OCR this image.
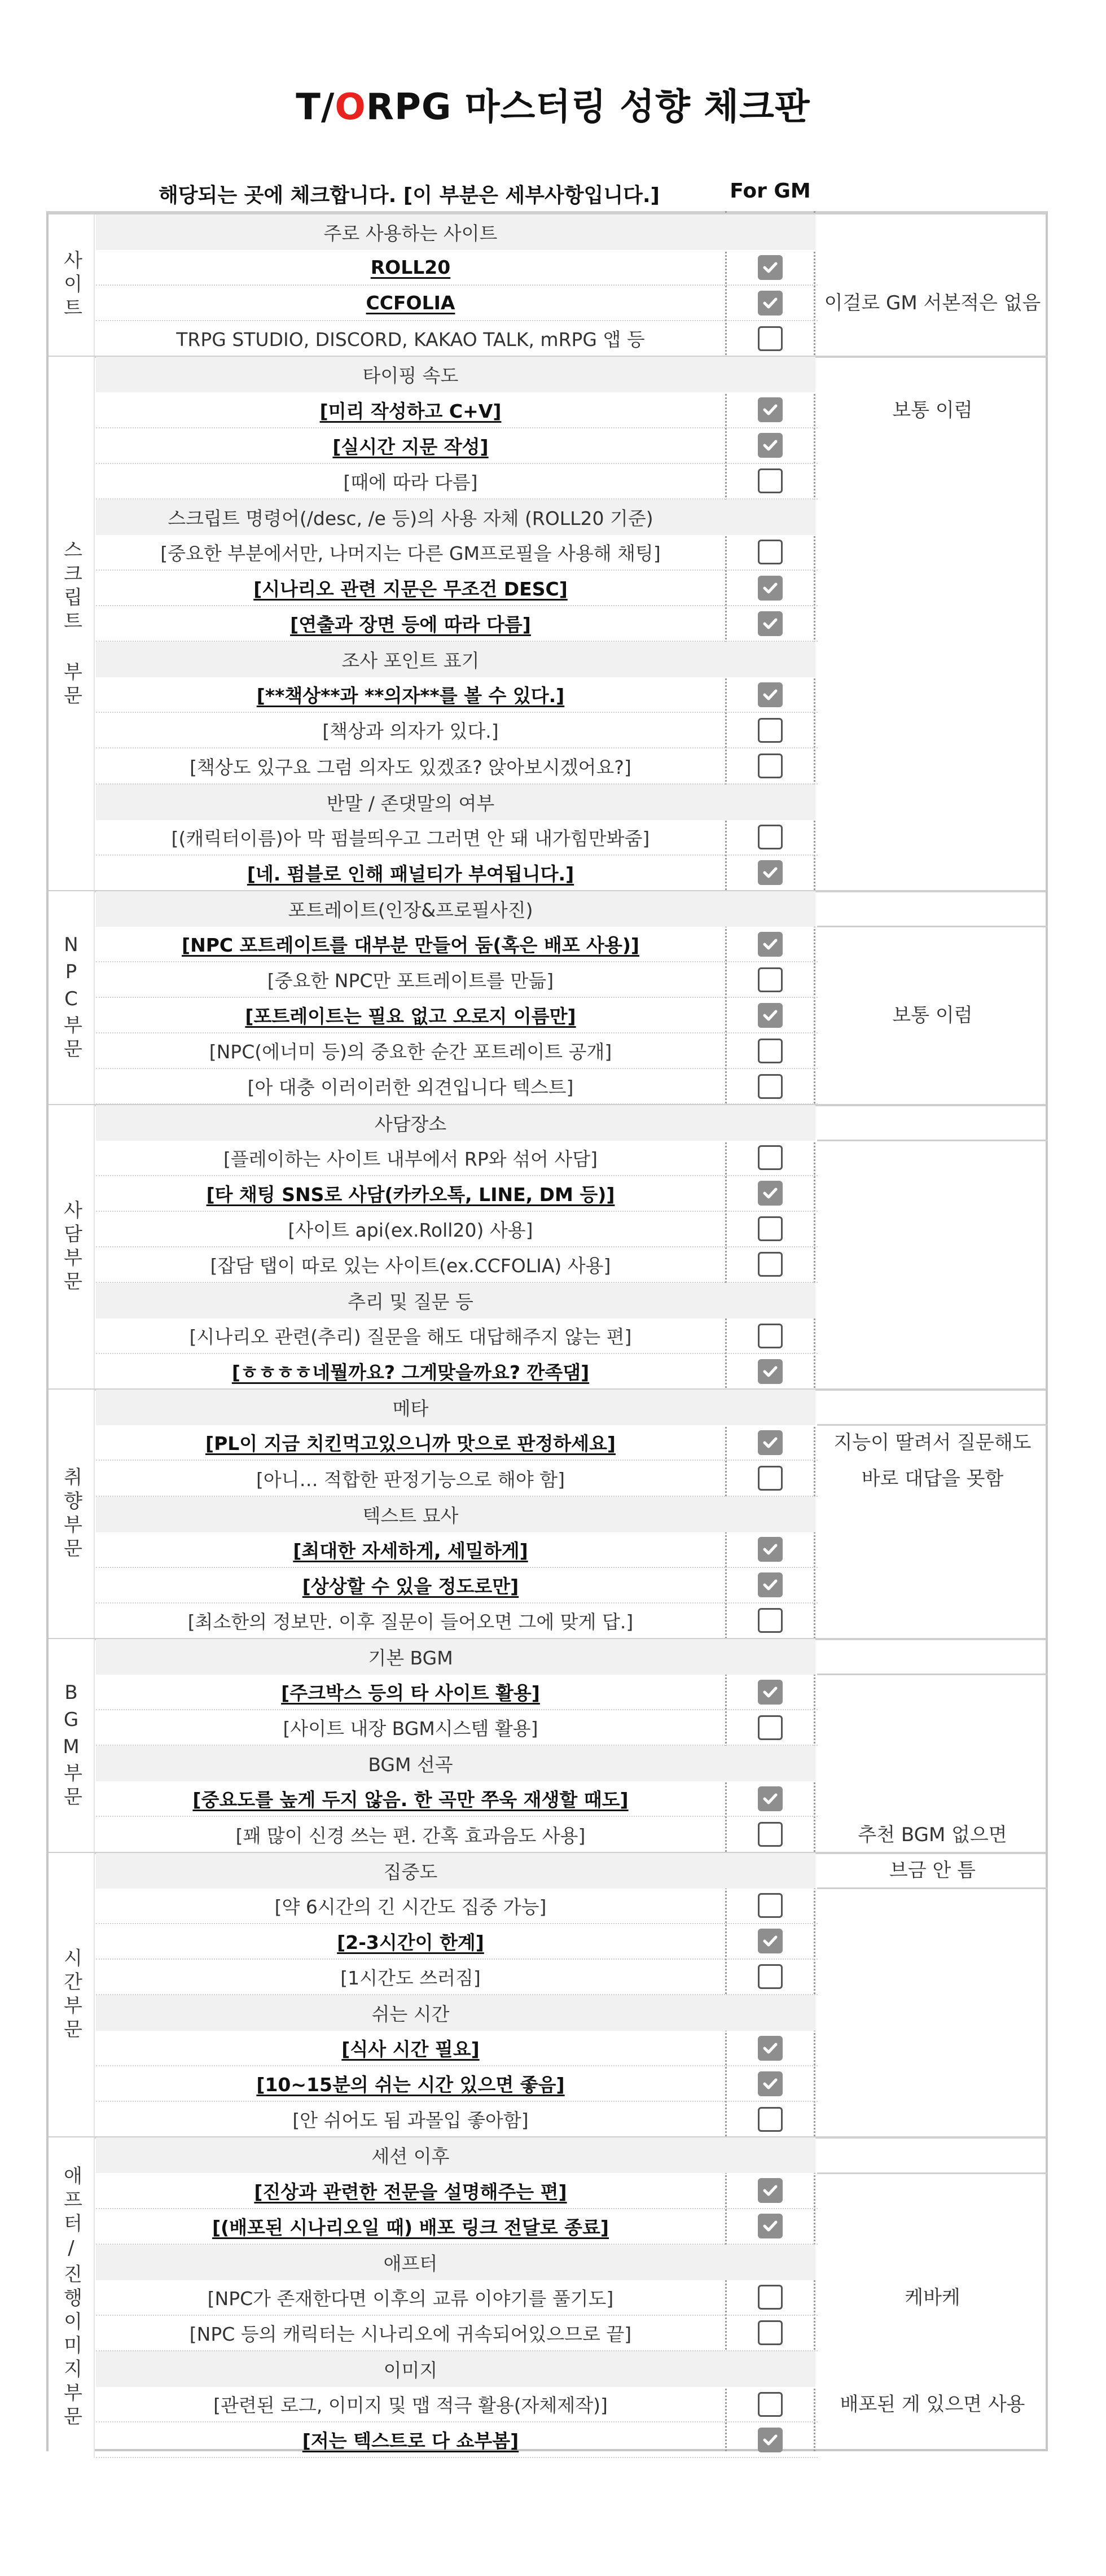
T/ORPG 마스터링 성향 체크판
해당되는 곳에 체크합니다. [이 부분은 세부사항입니다.]	For GM
주로 사용하는 사이트
ROLL20
CCFOLIA
TRPG STUDIO, DISCORD, KAKAO TALK, mRPG 앱 등
사이트
타이핑 속도
[미리 작성하고 C+V]
[실시간 지문 작성]
[때에 따라 다름]
스크립트 명령어(/desc, /e 등)의 사용 자체 (ROLL20 기준)
[중요한 부분에서만, 나머지는 다른 GM프로필을 사용해 채팅]
[시나리오 관련 지문은 무조건 DESC]
[연출과 장면 등에 따라 다름]
조사 포인트 표기
[**책상**과 **의자**를 볼 수 있다.]
[책상과 의자가 있다.]
[책상도 있구요 그럼 의자도 있겠죠? 앉아보시겠어요?]
반말 / 존댓말의 여부
[(캐릭터이름)아 막 펌블띄우고 그러면 안 돼 내가힘만봐줌]
[네. 펌블로 인해 패널티가 부여됩니다.]
스크립트 부문
포트레이트(인장&프로필사진)
[NPC 포트레이트를 대부분 만들어 둠(혹은 배포 사용)]
[중요한 NPC만 포트레이트를 만듦]
[포트레이트는 필요 없고 오로지 이름만]
[NPC(에너미 등)의 중요한 순간 포트레이트 공개]
[아 대충 이러이러한 외견입니다 텍스트]
NPC부문
사담장소
[플레이하는 사이트 내부에서 RP와 섞어 사담]
[타 채팅 SNS로 사담(카카오톡, LINE, DM 등)]
[사이트 api(ex.Roll20) 사용]
[잡담 탭이 따로 있는 사이트(ex.CCFOLIA) 사용]
추리 및 질문 등
[시나리오 관련(추리) 질문을 해도 대답해주지 않는 편]
[ㅎㅎㅎㅎ네뭘까요? 그게맞을까요? 깐족댐]
사담부문
메타
[PL이 지금 치킨먹고있으니까 맛으로 판정하세요]
[아니… 적합한 판정기능으로 해야 함]
텍스트 묘사
[최대한 자세하게, 세밀하게]
[상상할 수 있을 정도로만]
[최소한의 정보만. 이후 질문이 들어오면 그에 맞게 답.]
취향부문
기본 BGM
[주크박스 등의 타 사이트 활용]
[사이트 내장 BGM시스템 활용]
BGM 선곡
[중요도를 높게 두지 않음. 한 곡만 쭈욱 재생할 때도]
[꽤 많이 신경 쓰는 편. 간혹 효과음도 사용]
BGM부문
집중도
[약 6시간의 긴 시간도 집중 가능]
[2-3시간이 한계]
[1시간도 쓰러짐]
쉬는 시간
[식사 시간 필요]
[10~15분의 쉬는 시간 있으면 좋음]
[안 쉬어도 됨 과몰입 좋아함]
시간부문
세션 이후
[진상과 관련한 전문을 설명해주는 편]
[(배포된 시나리오일 때) 배포 링크 전달로 종료]
애프터
[NPC가 존재한다면 이후의 교류 이야기를 풀기도]
[NPC 등의 캐릭터는 시나리오에 귀속되어있으므로 끝]
이미지
[관련된 로그, 이미지 및 맵 적극 활용(자체제작)]
[저는 텍스트로 다 쇼부봄]
애프터/진행이미지부문
이걸로 GM 서본적은 없음
보통 이럼
보통 이럼
지능이 딸려서 질문해도
바로 대답을 못함
추천 BGM 없으면
브금 안 틈
케바케
배포된 게 있으면 사용
